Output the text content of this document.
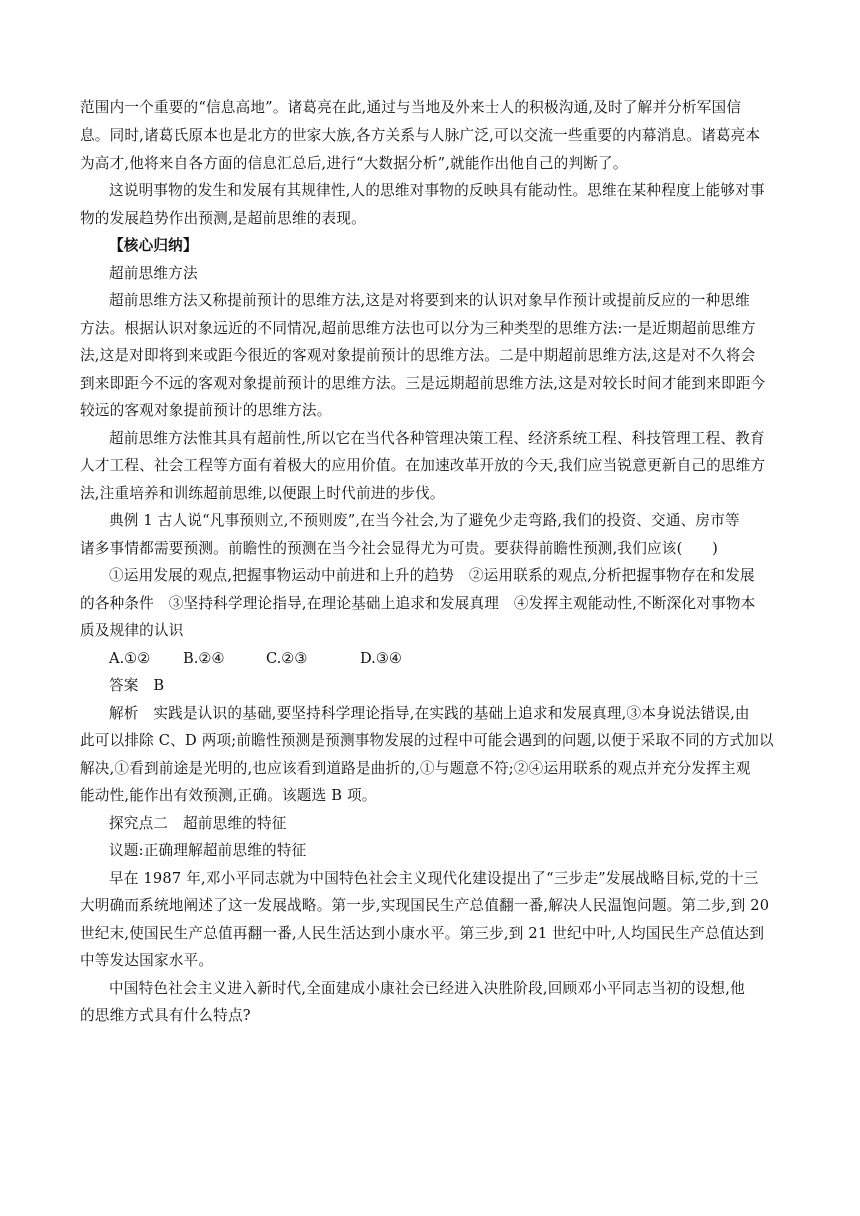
范围内一个重要的“信息高地”。诸葛亮在此,通过与当地及外来士人的积极沟通,及时了解并分析军国信
息。同时,诸葛氏原本也是北方的世家大族,各方关系与人脉广泛,可以交流一些重要的内幕消息。诸葛亮本
为高才,他将来自各方面的信息汇总后,进行“大数据分析”,就能作出他自己的判断了。
这说明事物的发生和发展有其规律性,人的思维对事物的反映具有能动性。思维在某种程度上能够对事
物的发展趋势作出预测,是超前思维的表现。
【核心归纳】
超前思维方法
超前思维方法又称提前预计的思维方法,这是对将要到来的认识对象早作预计或提前反应的一种思维
方法。根据认识对象远近的不同情况,超前思维方法也可以分为三种类型的思维方法:一是近期超前思维方
法,这是对即将到来或距今很近的客观对象提前预计的思维方法。二是中期超前思维方法,这是对不久将会
到来即距今不远的客观对象提前预计的思维方法。三是远期超前思维方法,这是对较长时间才能到来即距今
较远的客观对象提前预计的思维方法。
超前思维方法惟其具有超前性,所以它在当代各种管理决策工程、经济系统工程、科技管理工程、教育
人才工程、社会工程等方面有着极大的应用价值。在加速改革开放的今天,我们应当锐意更新自己的思维方
法,注重培养和训练超前思维,以便跟上时代前进的步伐。
典例 1 古人说“凡事预则立,不预则废”,在当今社会,为了避免少走弯路,我们的投资、交通、房市等
诸多事情都需要预测。前瞻性的预测在当今社会显得尤为可贵。要获得前瞻性预测,我们应该(　　)
①运用发展的观点,把握事物运动中前进和上升的趋势　②运用联系的观点,分析把握事物存在和发展
的各种条件　③坚持科学理论指导,在理论基础上追求和发展真理　④发挥主观能动性,不断深化对事物本
质及规律的认识
A.①② B.②④	C.②③	D.③④
答案　B
解析　实践是认识的基础,要坚持科学理论指导,在实践的基础上追求和发展真理,③本身说法错误,由
此可以排除 C、D 两项;前瞻性预测是预测事物发展的过程中可能会遇到的问题,以便于采取不同的方式加以
解决,①看到前途是光明的,也应该看到道路是曲折的,①与题意不符;②④运用联系的观点并充分发挥主观
能动性,能作出有效预测,正确。该题选 B 项。
探究点二　超前思维的特征
议题:正确理解超前思维的特征
早在 1987 年,邓小平同志就为中国特色社会主义现代化建设提出了“三步走”发展战略目标,党的十三
大明确而系统地阐述了这一发展战略。第一步,实现国民生产总值翻一番,解决人民温饱问题。第二步,到 20
世纪末,使国民生产总值再翻一番,人民生活达到小康水平。第三步,到 21 世纪中叶,人均国民生产总值达到
中等发达国家水平。
中国特色社会主义进入新时代,全面建成小康社会已经进入决胜阶段,回顾邓小平同志当初的设想,他
的思维方式具有什么特点?
